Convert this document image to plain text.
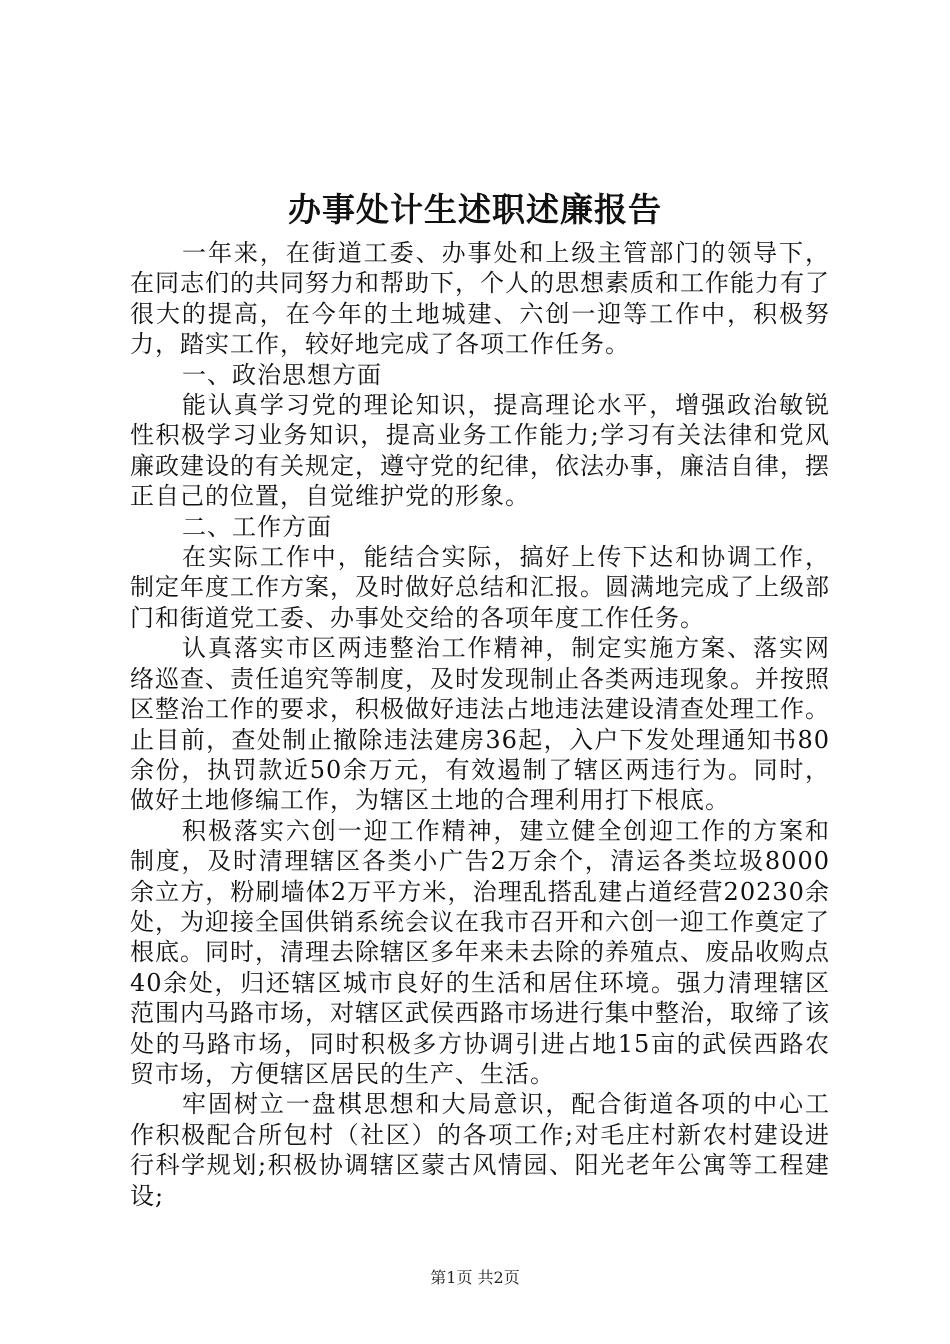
办事处计生述职述廉报告

一年来，在街道工委、办事处和上级主管部门的领导下，在同志们的共同努力和帮助下，个人的思想素质和工作能力有了很大的提高，在今年的土地城建、六创一迎等工作中，积极努力，踏实工作，较好地完成了各项工作任务。

一、政治思想方面

能认真学习党的理论知识，提高理论水平，增强政治敏锐性积极学习业务知识，提高业务工作能力;学习有关法律和党风廉政建设的有关规定，遵守党的纪律，依法办事，廉洁自律，摆正自己的位置，自觉维护党的形象。

二、工作方面

在实际工作中，能结合实际，搞好上传下达和协调工作，制定年度工作方案，及时做好总结和汇报。圆满地完成了上级部门和街道党工委、办事处交给的各项年度工作任务。

认真落实市区两违整治工作精神，制定实施方案、落实网络巡查、责任追究等制度，及时发现制止各类两违现象。并按照区整治工作的要求，积极做好违法占地违法建设清查处理工作。止目前，查处制止撤除违法建房36起，入户下发处理通知书80余份，执罚款近50余万元，有效遏制了辖区两违行为。同时，做好土地修编工作，为辖区土地的合理利用打下根底。

积极落实六创一迎工作精神，建立健全创迎工作的方案和制度，及时清理辖区各类小广告2万余个，清运各类垃圾8000余立方，粉刷墙体2万平方米，治理乱搭乱建占道经营20230余处，为迎接全国供销系统会议在我市召开和六创一迎工作奠定了根底。同时，清理去除辖区多年来未去除的养殖点、废品收购点40余处，归还辖区城市良好的生活和居住环境。强力清理辖区范围内马路市场，对辖区武侯西路市场进行集中整治，取缔了该处的马路市场，同时积极多方协调引进占地15亩的武侯西路农贸市场，方便辖区居民的生产、生活。

牢固树立一盘棋思想和大局意识，配合街道各项的中心工作积极配合所包村（社区）的各项工作;对毛庄村新农村建设进行科学规划;积极协调辖区蒙古风情园、阳光老年公寓等工程建设;

第1页 共2页
